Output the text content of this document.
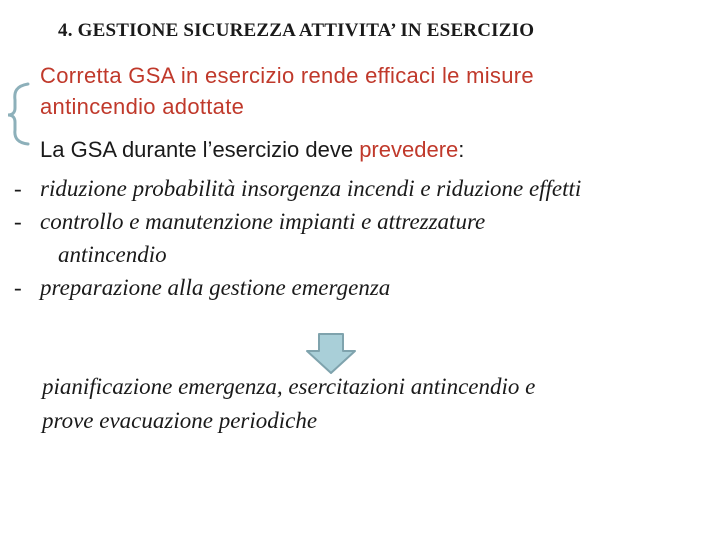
4. GESTIONE SICUREZZA ATTIVITA’ IN ESERCIZIO
Corretta GSA in esercizio rende efficaci le misure
antincendio adottate
La GSA durante l’esercizio deve prevedere:
- riduzione probabilità insorgenza incendi e riduzione effetti
- controllo e manutenzione impianti e attrezzature
antincendio
- preparazione alla gestione emergenza
pianificazione emergenza, esercitazioni antincendio e
prove evacuazione periodiche
